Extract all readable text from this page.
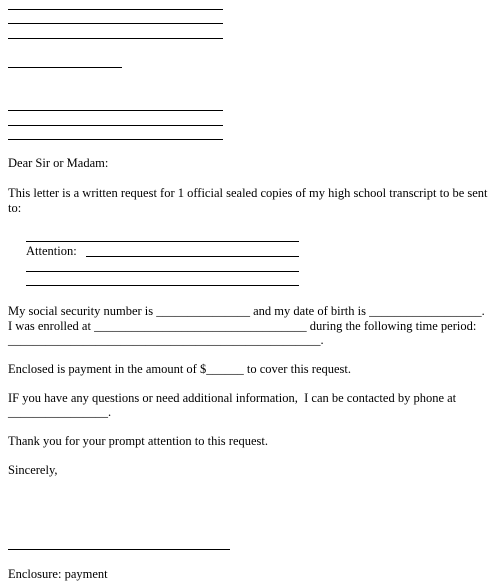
Dear Sir or Madam:
This letter is a written request for 1 official sealed copies of my high school transcript to be sent
to:
Attention:
My social security number is _______________ and my date of birth is __________________.
I was enrolled at __________________________________ during the following time period:
__________________________________________________.
Enclosed is payment in the amount of $______ to cover this request.
IF you have any questions or need additional information,  I can be contacted by phone at
________________.
Thank you for your prompt attention to this request.
Sincerely,
Enclosure: payment
